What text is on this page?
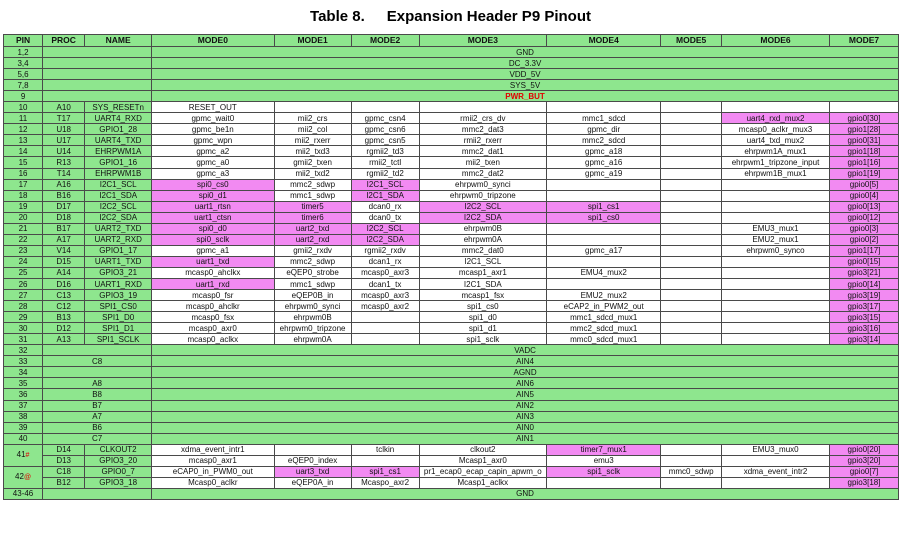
Table 8. Expansion Header P9 Pinout
PIN	PROC	NAME	MODE0	MODE1	MODE2	MODE3	MODE4	MODE5	MODE6	MODE7
1,2			GND							
3,4			DC_3.3V							
5,6			VDD_5V							
7,8			SYS_5V							
9			PWR_BUT							
10	A10	SYS_RESETn	RESET_OUT							
11	T17	UART4_RXD	gpmc_wait0	mii2_crs	gpmc_csn4	rmii2_crs_dv	mmc1_sdcd		uart4_rxd_mux2	gpio0[30]
12	U18	GPIO1_28	gpmc_be1n	mii2_col	gpmc_csn6	mmc2_dat3	gpmc_dir		mcasp0_aclkr_mux3	gpio1[28]
13	U17	UART4_TXD	gpmc_wpn	mii2_rxerr	gpmc_csn5	rmii2_rxerr	mmc2_sdcd		uart4_txd_mux2	gpio0[31]
14	U14	EHRPWM1A	gpmc_a2	mii2_txd3	rgmii2_td3	mmc2_dat1	gpmc_a18		ehrpwm1A_mux1	gpio1[18]
15	R13	GPIO1_16	gpmc_a0	gmii2_txen	rmii2_tctl	mii2_txen	gpmc_a16		ehrpwm1_tripzone_input	gpio1[16]
16	T14	EHRPWM1B	gpmc_a3	mii2_txd2	rgmii2_td2	mmc2_dat2	gpmc_a19		ehrpwm1B_mux1	gpio1[19]
17	A16	I2C1_SCL	spi0_cs0	mmc2_sdwp	I2C1_SCL	ehrpwm0_synci				gpio0[5]
18	B16	I2C1_SDA	spi0_d1	mmc1_sdwp	I2C1_SDA	ehrpwm0_tripzone				gpio0[4]
19	D17	I2C2_SCL	uart1_rtsn	timer5	dcan0_rx	I2C2_SCL	spi1_cs1			gpio0[13]
20	D18	I2C2_SDA	uart1_ctsn	timer6	dcan0_tx	I2C2_SDA	spi1_cs0			gpio0[12]
21	B17	UART2_TXD	spi0_d0	uart2_txd	I2C2_SCL	ehrpwm0B			EMU3_mux1	gpio0[3]
22	A17	UART2_RXD	spi0_sclk	uart2_rxd	I2C2_SDA	ehrpwm0A			EMU2_mux1	gpio0[2]
23	V14	GPIO1_17	gpmc_a1	gmii2_rxdv	rgmii2_rxdv	mmc2_dat0	gpmc_a17		ehrpwm0_synco	gpio1[17]
24	D15	UART1_TXD	uart1_txd	mmc2_sdwp	dcan1_rx	I2C1_SCL				gpio0[15]
25	A14	GPIO3_21	mcasp0_ahclkx	eQEP0_strobe	mcasp0_axr3	mcasp1_axr1	EMU4_mux2			gpio3[21]
26	D16	UART1_RXD	uart1_rxd	mmc1_sdwp	dcan1_tx	I2C1_SDA				gpio0[14]
27	C13	GPIO3_19	mcasp0_fsr	eQEP0B_in	mcasp0_axr3	mcasp1_fsx	EMU2_mux2			gpio3[19]
28	C12	SPI1_CS0	mcasp0_ahclkr	ehrpwm0_synci	mcasp0_axr2	spi1_cs0	eCAP2_in_PWM2_out			gpio3[17]
29	B13	SPI1_D0	mcasp0_fsx	ehrpwm0B		spi1_d0	mmc1_sdcd_mux1			gpio3[15]
30	D12	SPI1_D1	mcasp0_axr0	ehrpwm0_tripzone		spi1_d1	mmc2_sdcd_mux1			gpio3[16]
31	A13	SPI1_SCLK	mcasp0_aclkx	ehrpwm0A		spi1_sclk	mmc0_sdcd_mux1			gpio3[14]
32			VADC							
33	C8		AIN4							
34			AGND							
35	A8		AIN6							
36	B8		AIN5							
37	B7		AIN2							
38	A7		AIN3							
39	B6		AIN0							
40	C7		AIN1							
41#	D14	CLKOUT2	xdma_event_intr1		tclkin	clkout2	timer7_mux1		EMU3_mux0	gpio0[20]
	D13	GPIO3_20	mcasp0_axr1	eQEP0_index		Mcasp1_axr0	emu3			gpio3[20]
42@	C18	GPIO0_7	eCAP0_in_PWM0_out	uart3_txd	spi1_cs1	pr1_ecap0_ecap_capin_apwm_o	spi1_sclk	mmc0_sdwp	xdma_event_intr2	gpio0[7]
	B12	GPIO3_18	Mcasp0_aclkr	eQEP0A_in	Mcaspo_axr2	Mcasp1_aclkx				gpio3[18]
43-46			GND							
